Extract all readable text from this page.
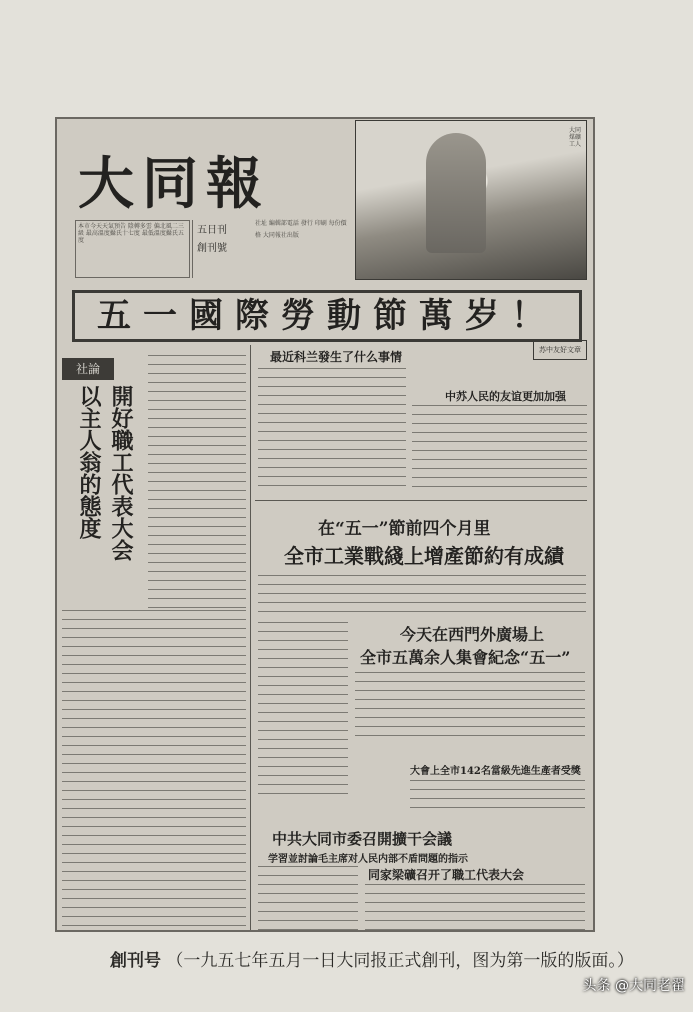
大同報
本市今天天氣預告 陰轉多雲 偏北風二三級 最高溫度攝氏十七度 最低溫度攝氏五度
五日刊
創刊號
社址 編輯部電話 發行 印刷 每份價格 大同報社出版
大同煤礦工人
五一國際勞動節萬岁！
社論
開好職工代表大会
以主人翁的態度
最近科兰發生了什么事情	苏中友好文章
中苏人民的友谊更加加强
在“五一”節前四个月里
全市工業戰綫上增產節約有成績
今天在西門外廣場上
全市五萬余人集會紀念“五一”
大會上全市142名當級先進生產者受獎
中共大同市委召開擴干会議
学習並討論毛主席对人民内部不盾問題的指示
同家梁礦召开了職工代表大会
創刊号 （一九五七年五月一日大同报正式創刊，图为第一版的版面。）
头条 @大同老翟
